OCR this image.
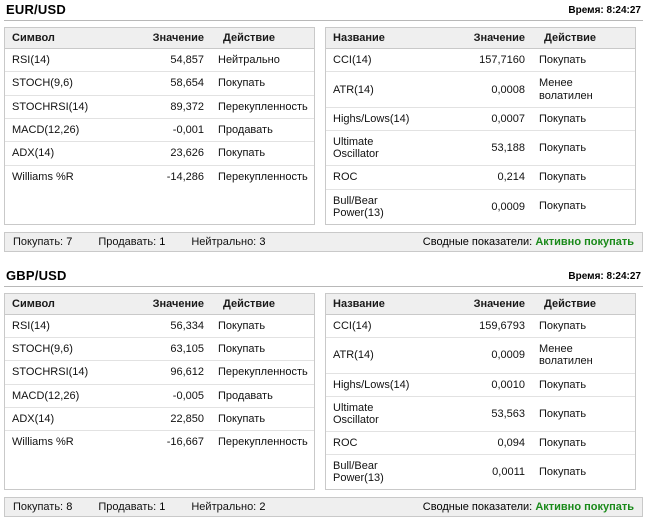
EUR/USD	Время: 8:24:27
Символ	Значение	Действие
RSI(14)	54,857	Нейтрально
STOCH(9,6)	58,654	Покупать
STOCHRSI(14)	89,372	Перекупленность
MACD(12,26)	-0,001	Продавать
ADX(14)	23,626	Покупать
Williams %R	-14,286	Перекупленность
Название	Значение	Действие
CCI(14)	157,7160	Покупать
ATR(14)	0,0008	Менее волатилен
Highs/Lows(14)	0,0007	Покупать
Ultimate Oscillator	53,188	Покупать
ROC	0,214	Покупать
Bull/Bear Power(13)	0,0009	Покупать
Покупать: 7 Продавать: 1 Нейтрально: 3	Сводные показатели: Активно покупать
GBP/USD	Время: 8:24:27
Символ	Значение	Действие
RSI(14)	56,334	Покупать
STOCH(9,6)	63,105	Покупать
STOCHRSI(14)	96,612	Перекупленность
MACD(12,26)	-0,005	Продавать
ADX(14)	22,850	Покупать
Williams %R	-16,667	Перекупленность
Название	Значение	Действие
CCI(14)	159,6793	Покупать
ATR(14)	0,0009	Менее волатилен
Highs/Lows(14)	0,0010	Покупать
Ultimate Oscillator	53,563	Покупать
ROC	0,094	Покупать
Bull/Bear Power(13)	0,0011	Покупать
Покупать: 8 Продавать: 1 Нейтрально: 2	Сводные показатели: Активно покупать
